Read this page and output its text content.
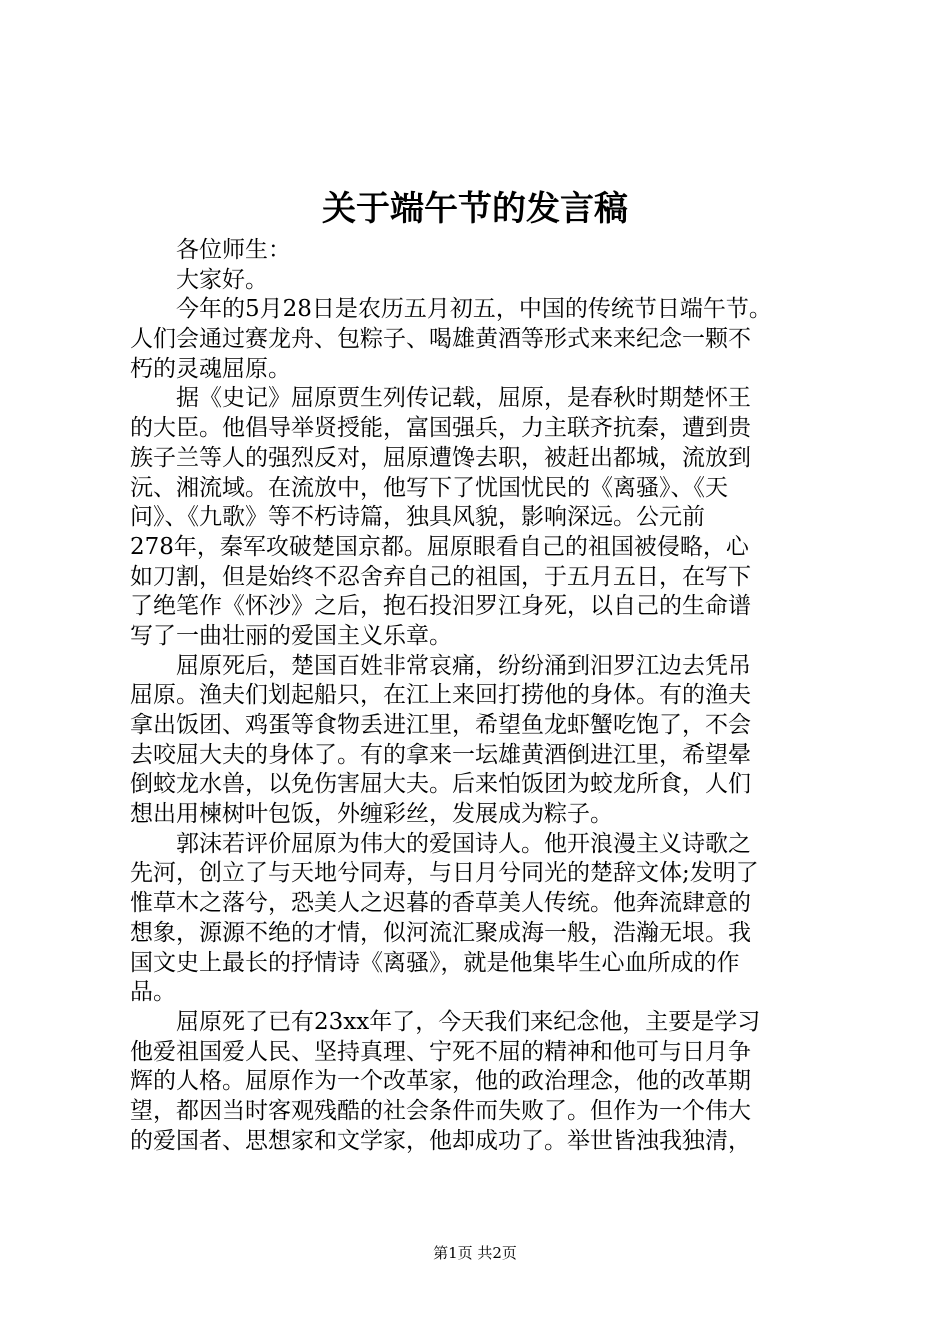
关于端午节的发言稿
各位师生：
大家好。
今年的5月28日是农历五月初五，中国的传统节日端午节。
人们会通过赛龙舟、包粽子、喝雄黄酒等形式来来纪念一颗不
朽的灵魂屈原。
据《史记》屈原贾生列传记载，屈原，是春秋时期楚怀王
的大臣。他倡导举贤授能，富国强兵，力主联齐抗秦，遭到贵
族子兰等人的强烈反对，屈原遭馋去职，被赶出都城，流放到
沅、湘流域。在流放中，他写下了忧国忧民的《离骚》、《天
问》、《九歌》等不朽诗篇，独具风貌，影响深远。公元前
278年，秦军攻破楚国京都。屈原眼看自己的祖国被侵略，心
如刀割，但是始终不忍舍弃自己的祖国，于五月五日，在写下
了绝笔作《怀沙》之后，抱石投汨罗江身死，以自己的生命谱
写了一曲壮丽的爱国主义乐章。
屈原死后，楚国百姓非常哀痛，纷纷涌到汨罗江边去凭吊
屈原。渔夫们划起船只，在江上来回打捞他的身体。有的渔夫
拿出饭团、鸡蛋等食物丢进江里，希望鱼龙虾蟹吃饱了，不会
去咬屈大夫的身体了。有的拿来一坛雄黄酒倒进江里，希望晕
倒蛟龙水兽，以免伤害屈大夫。后来怕饭团为蛟龙所食，人们
想出用楝树叶包饭，外缠彩丝，发展成为粽子。
郭沫若评价屈原为伟大的爱国诗人。他开浪漫主义诗歌之
先河，创立了与天地兮同寿，与日月兮同光的楚辞文体;发明了
惟草木之落兮，恐美人之迟暮的香草美人传统。他奔流肆意的
想象，源源不绝的才情，似河流汇聚成海一般，浩瀚无垠。我
国文史上最长的抒情诗《离骚》，就是他集毕生心血所成的作
品。
屈原死了已有23xx年了，今天我们来纪念他，主要是学习
他爱祖国爱人民、坚持真理、宁死不屈的精神和他可与日月争
辉的人格。屈原作为一个改革家，他的政治理念，他的改革期
望，都因当时客观残酷的社会条件而失败了。但作为一个伟大
的爱国者、思想家和文学家，他却成功了。举世皆浊我独清，
第1页 共2页
